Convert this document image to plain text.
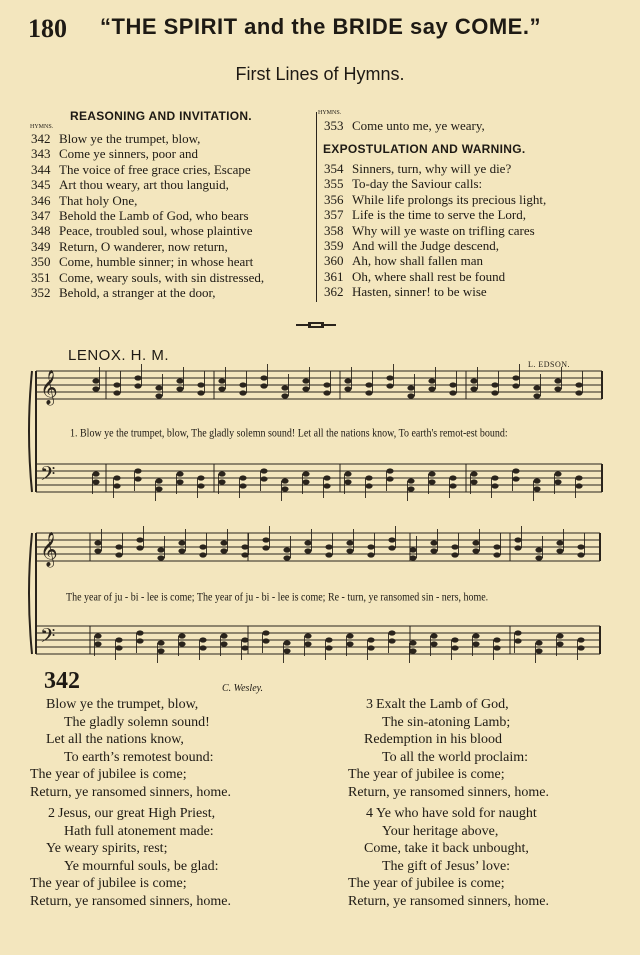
180 “THE SPIRIT and the BRIDE say COME.”
First Lines of Hymns.
REASONING AND INVITATION.
HYMNS.
HYMNS.
EXPOSTULATION AND WARNING.
342 Blow ye the trumpet, blow,
343 Come ye sinners, poor and
344 The voice of free grace cries, Escape
345 Art thou weary, art thou languid,
346 That holy One,
347 Behold the Lamb of God, who bears
348 Peace, troubled soul, whose plaintive
349 Return, O wanderer, now return,
350 Come, humble sinner; in whose heart
351 Come, weary souls, with sin distressed,
352 Behold, a stranger at the door,
353 Come unto me, ye weary,
354 Sinners, turn, why will ye die?
355 To-day the Saviour calls:
356 While life prolongs its precious light,
357 Life is the time to serve the Lord,
358 Why will ye waste on trifling cares
359 And will the Judge descend,
360 Ah, how shall fallen man
361 Oh, where shall rest be found
362 Hasten, sinner! to be wise
LENOX. H. M.
L. EDSON.
𝄞
𝄢
𝄞
𝄢
1. Blow ye the trumpet, blow, The gladly solemn sound! Let all the nations know, To earth's remot-est bound:
The year of ju - bi - lee is come; The year of ju - bi - lee is come; Re - turn, ye ransomed sin - ners, home.
342	C. Wesley.
Blow ye the trumpet, blow,
The gladly solemn sound!
Let all the nations know,
To earth’s remotest bound:
The year of jubilee is come;
Return, ye ransomed sinners, home.
2 Jesus, our great High Priest,
Hath full atonement made:
Ye weary spirits, rest;
Ye mournful souls, be glad:
The year of jubilee is come;
Return, ye ransomed sinners, home.
3 Exalt the Lamb of God,
The sin-atoning Lamb;
Redemption in his blood
To all the world proclaim:
The year of jubilee is come;
Return, ye ransomed sinners, home.
4 Ye who have sold for naught
Your heritage above,
Come, take it back unbought,
The gift of Jesus’ love:
The year of jubilee is come;
Return, ye ransomed sinners, home.
